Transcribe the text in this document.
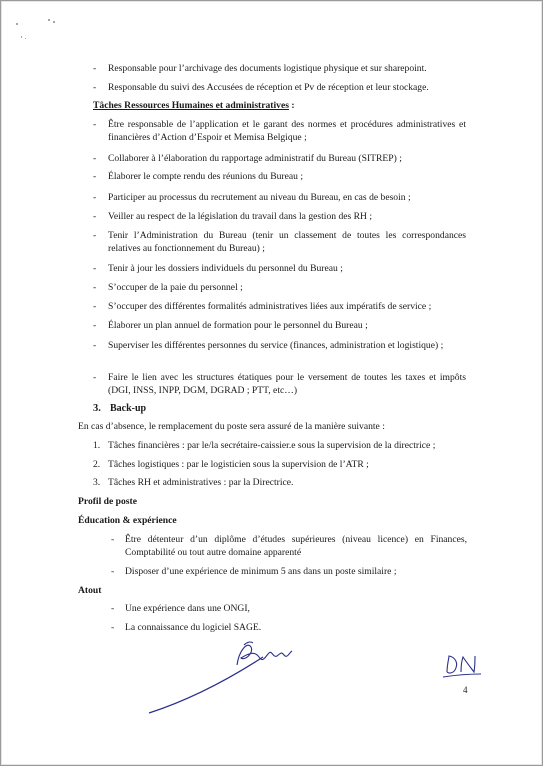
- Responsable pour l’archivage des documents logistique physique et sur sharepoint.
- Responsable du suivi des Accusées de réception et Pv de réception et leur stockage.
Tâches Ressources Humaines et administratives :
- Être responsable de l’application et le garant des normes et procédures administratives et financières d’Action d’Espoir et Memisa Belgique ;
- Collaborer à l’élaboration du rapportage administratif du Bureau (SITREP) ;
- Élaborer le compte rendu des réunions du Bureau ;
- Participer au processus du recrutement au niveau du Bureau, en cas de besoin ;
- Veiller au respect de la législation du travail dans la gestion des RH ;
- Tenir l’Administration du Bureau (tenir un classement de toutes les correspondances relatives au fonctionnement du Bureau) ;
- Tenir à jour les dossiers individuels du personnel du Bureau ;
- S’occuper de la paie du personnel ;
- S’occuper des différentes formalités administratives liées aux impératifs de service ;
- Élaborer un plan annuel de formation pour le personnel du Bureau ;
- Superviser les différentes personnes du service (finances, administration et logistique) ;
- Faire le lien avec les structures étatiques pour le versement de toutes les taxes et impôts (DGI, INSS, INPP, DGM, DGRAD ; PTT, etc…)
3. Back-up
En cas d’absence, le remplacement du poste sera assuré de la manière suivante :
1. Tâches financières : par le/la secrétaire-caissier.e sous la supervision de la directrice ;
2. Tâches logistiques : par le logisticien sous la supervision de l’ATR ;
3. Tâches RH et administratives : par la Directrice.
Profil de poste
Éducation & expérience
- Être détenteur d’un diplôme d’études supérieures (niveau licence) en Finances, Comptabilité ou tout autre domaine apparenté
- Disposer d’une expérience de minimum 5 ans dans un poste similaire ;
Atout
- Une expérience dans une ONGI,
- La connaissance du logiciel SAGE.
4
